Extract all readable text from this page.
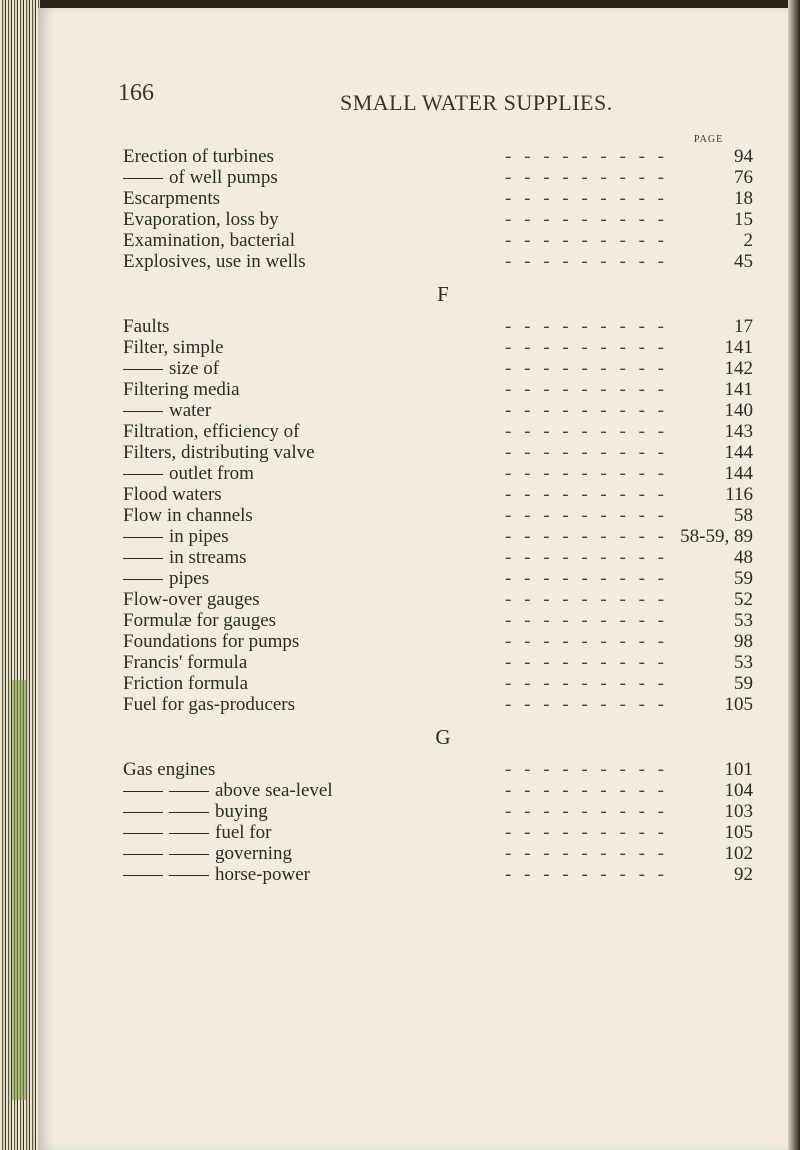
166	SMALL WATER SUPPLIES.
PAGE
Erection of turbines	- - - - - - - - -	94
of well pumps	- - - - - - - - -	76
Escarpments	- - - - - - - - -	18
Evaporation, loss by	- - - - - - - - -	15
Examination, bacterial	- - - - - - - - -	2
Explosives, use in wells	- - - - - - - - -	45
F
Faults	- - - - - - - - -	17
Filter, simple	- - - - - - - - -	141
size of	- - - - - - - - -	142
Filtering media	- - - - - - - - -	141
water	- - - - - - - - -	140
Filtration, efficiency of	- - - - - - - - -	143
Filters, distributing valve	- - - - - - - - -	144
outlet from	- - - - - - - - -	144
Flood waters	- - - - - - - - -	116
Flow in channels	- - - - - - - - -	58
in pipes	- - - - - - - - - 58-59, 89
in streams	- - - - - - - - -	48
pipes	- - - - - - - - -	59
Flow-over gauges	- - - - - - - - -	52
Formulæ for gauges	- - - - - - - - -	53
Foundations for pumps	- - - - - - - - -	98
Francis' formula	- - - - - - - - -	53
Friction formula	- - - - - - - - -	59
Fuel for gas-producers	- - - - - - - - -	105
G
Gas engines	- - - - - - - - -	101
above sea-level	- - - - - - - - -	104
buying	- - - - - - - - -	103
fuel for	- - - - - - - - -	105
governing	- - - - - - - - -	102
horse-power	- - - - - - - - -	92
